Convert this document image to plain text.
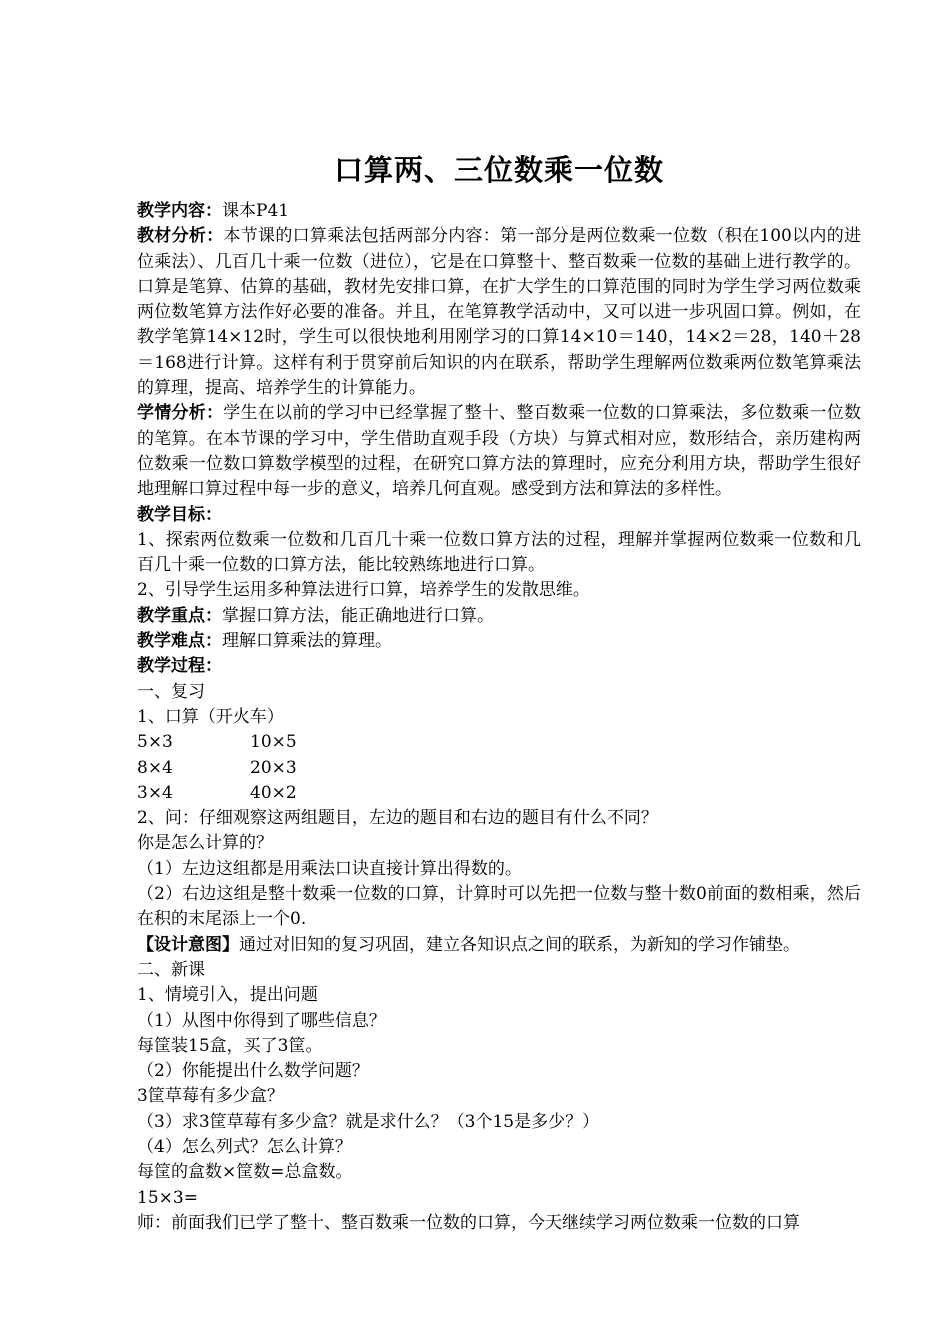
口算两、三位数乘一位数

教学内容：课本P41

教材分析：本节课的口算乘法包括两部分内容：第一部分是两位数乘一位数（积在100以内的进位乘法）、几百几十乘一位数（进位），它是在口算整十、整百数乘一位数的基础上进行教学的。口算是笔算、估算的基础，教材先安排口算，在扩大学生的口算范围的同时为学生学习两位数乘两位数笔算方法作好必要的准备。并且，在笔算教学活动中，又可以进一步巩固口算。例如，在教学笔算14×12时，学生可以很快地利用刚学习的口算14×10＝140，14×2＝28，140＋28＝168进行计算。这样有利于贯穿前后知识的内在联系，帮助学生理解两位数乘两位数笔算乘法的算理，提高、培养学生的计算能力。

学情分析：学生在以前的学习中已经掌握了整十、整百数乘一位数的口算乘法，多位数乘一位数的笔算。在本节课的学习中，学生借助直观手段（方块）与算式相对应，数形结合，亲历建构两位数乘一位数口算数学模型的过程，在研究口算方法的算理时，应充分利用方块，帮助学生很好地理解口算过程中每一步的意义，培养几何直观。感受到方法和算法的多样性。

教学目标：

1、探索两位数乘一位数和几百几十乘一位数口算方法的过程，理解并掌握两位数乘一位数和几百几十乘一位数的口算方法，能比较熟练地进行口算。

2、引导学生运用多种算法进行口算，培养学生的发散思维。

教学重点：掌握口算方法，能正确地进行口算。

教学难点：理解口算乘法的算理。

教学过程：

一、复习

1、口算（开火车）

5×3	10×5
8×4	20×3
3×4	40×2

2、问：仔细观察这两组题目，左边的题目和右边的题目有什么不同？

你是怎么计算的？

（1）左边这组都是用乘法口诀直接计算出得数的。

（2）右边这组是整十数乘一位数的口算，计算时可以先把一位数与整十数0前面的数相乘，然后在积的末尾添上一个0.

【设计意图】通过对旧知的复习巩固，建立各知识点之间的联系，为新知的学习作铺垫。

二、新课

1、情境引入，提出问题

（1）从图中你得到了哪些信息？

每筐装15盒，买了3筐。

（2）你能提出什么数学问题？

3筐草莓有多少盒？

（3）求3筐草莓有多少盒？就是求什么？（3个15是多少？）

（4）怎么列式？怎么计算？

每筐的盒数×筐数=总盒数。

15×3=

师：前面我们已学了整十、整百数乘一位数的口算，今天继续学习两位数乘一位数的口算
